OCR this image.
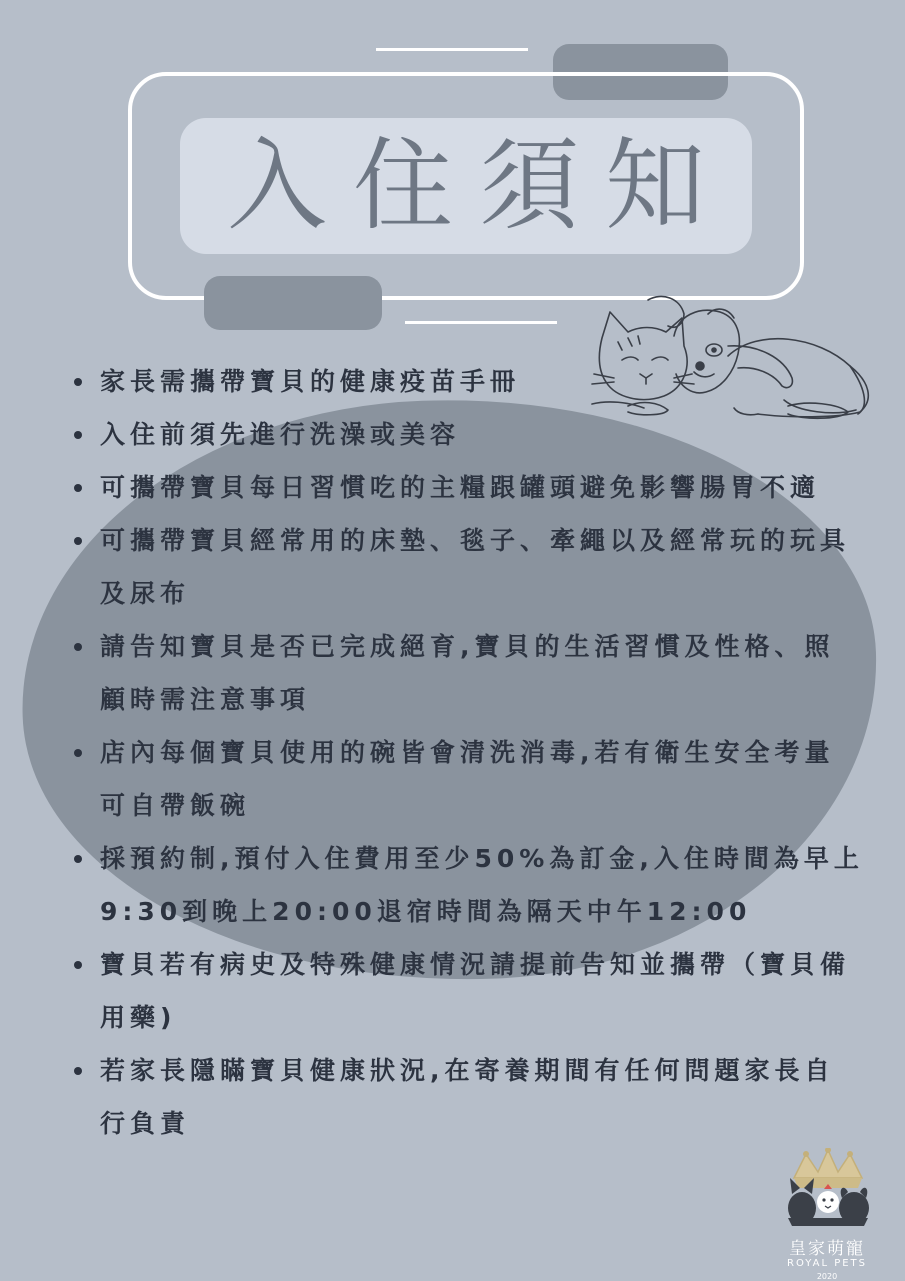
入住須知
家長需攜帶寶貝的健康疫苗手冊
入住前須先進行洗澡或美容
可攜帶寶貝每日習慣吃的主糧跟罐頭避免影響腸胃不適
可攜帶寶貝經常用的床墊、毯子、牽繩以及經常玩的玩具及尿布
請告知寶貝是否已完成絕育,寶貝的生活習慣及性格、照顧時需注意事項
店內每個寶貝使用的碗皆會清洗消毒,若有衛生安全考量可自帶飯碗
採預約制,預付入住費用至少50%為訂金,入住時間為早上9:30到晚上20:00退宿時間為隔天中午12:00
寶貝若有病史及特殊健康情況請提前告知並攜帶（寶貝備用藥)
若家長隱瞞寶貝健康狀況,在寄養期間有任何問題家長自行負責
皇家萌寵
ROYAL PETS
2020
